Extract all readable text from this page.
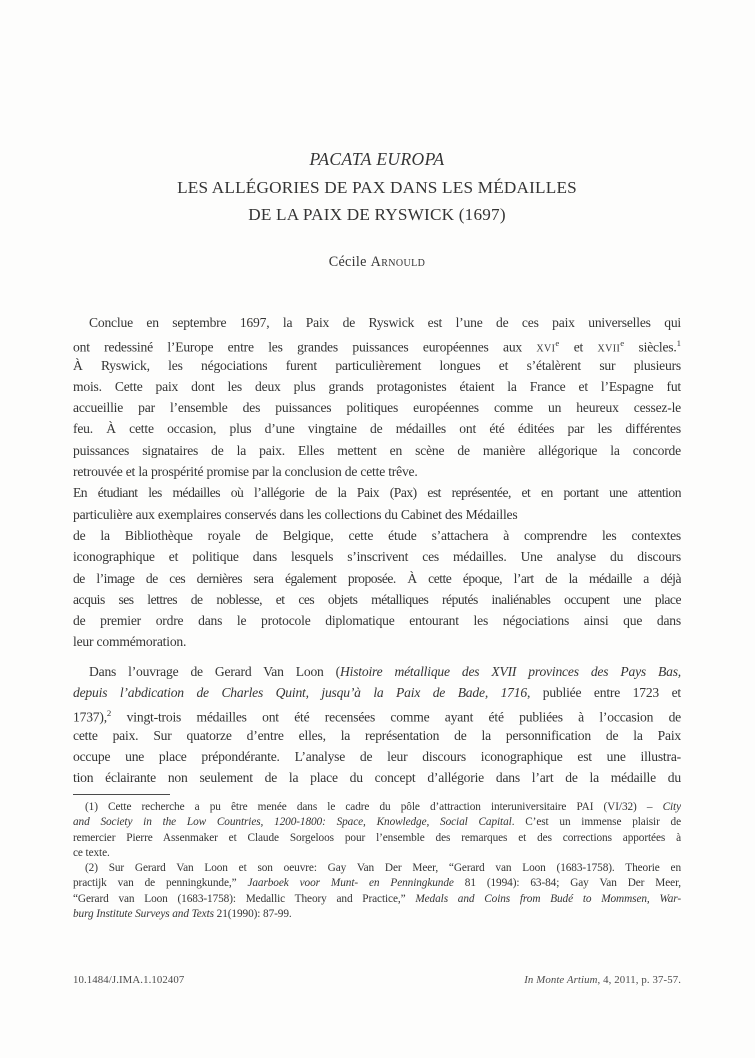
PACATA EUROPA
LES ALLÉGORIES DE PAX DANS LES MÉDAILLES
DE LA PAIX DE RYSWICK (1697)
Cécile Arnould
Conclue en septembre 1697, la Paix de Ryswick est l’une de ces paix universelles qui
ont redessiné l’Europe entre les grandes puissances européennes aux xvi$^e$ et xvii$^e$ siècles.$^1$
À Ryswick, les négociations furent particulièrement longues et s’étalèrent sur plusieurs
mois. Cette paix dont les deux plus grands protagonistes étaient la France et l’Espagne fut
accueillie par l’ensemble des puissances politiques européennes comme un heureux cessez-le
feu. À cette occasion, plus d’une vingtaine de médailles ont été éditées par les différentes
puissances signataires de la paix. Elles mettent en scène de manière allégorique la concorde
retrouvée et la prospérité promise par la conclusion de cette trêve.
En étudiant les médailles où l’allégorie de la Paix (Pax) est représentée, et en portant une attention
particulière aux exemplaires conservés dans les collections du Cabinet des Médailles
de la Bibliothèque royale de Belgique, cette étude s’attachera à comprendre les contextes
iconographique et politique dans lesquels s’inscrivent ces médailles. Une analyse du discours
de l’image de ces dernières sera également proposée. À cette époque, l’art de la médaille a déjà
acquis ses lettres de noblesse, et ces objets métalliques réputés inaliénables occupent une place
de premier ordre dans le protocole diplomatique entourant les négociations ainsi que dans
leur commémoration.
Dans l’ouvrage de Gerard Van Loon (Histoire métallique des XVII provinces des Pays Bas,
depuis l’abdication de Charles Quint, jusqu’à la Paix de Bade, 1716, publiée entre 1723 et
1737),$^2$ vingt-trois médailles ont été recensées comme ayant été publiées à l’occasion de
cette paix. Sur quatorze d’entre elles, la représentation de la personnification de la Paix
occupe une place prépondérante. L’analyse de leur discours iconographique est une illustra-
tion éclairante non seulement de la place du concept d’allégorie dans l’art de la médaille du
(1) Cette recherche a pu être menée dans le cadre du pôle d’attraction interuniversitaire PAI (VI/32) – City
and Society in the Low Countries, 1200-1800: Space, Knowledge, Social Capital. C’est un immense plaisir de
remercier Pierre Assenmaker et Claude Sorgeloos pour l’ensemble des remarques et des corrections apportées à
ce texte.
(2) Sur Gerard Van Loon et son oeuvre: Gay Van Der Meer, “Gerard van Loon (1683-1758). Theorie en
practijk van de penningkunde,” Jaarboek voor Munt- en Penningkunde 81 (1994): 63-84; Gay Van Der Meer,
“Gerard van Loon (1683-1758): Medallic Theory and Practice,” Medals and Coins from Budé to Mommsen, War-
burg Institute Surveys and Texts 21(1990): 87-99.
10.1484/J.IMA.1.102407	In Monte Artium, 4, 2011, p. 37-57.
